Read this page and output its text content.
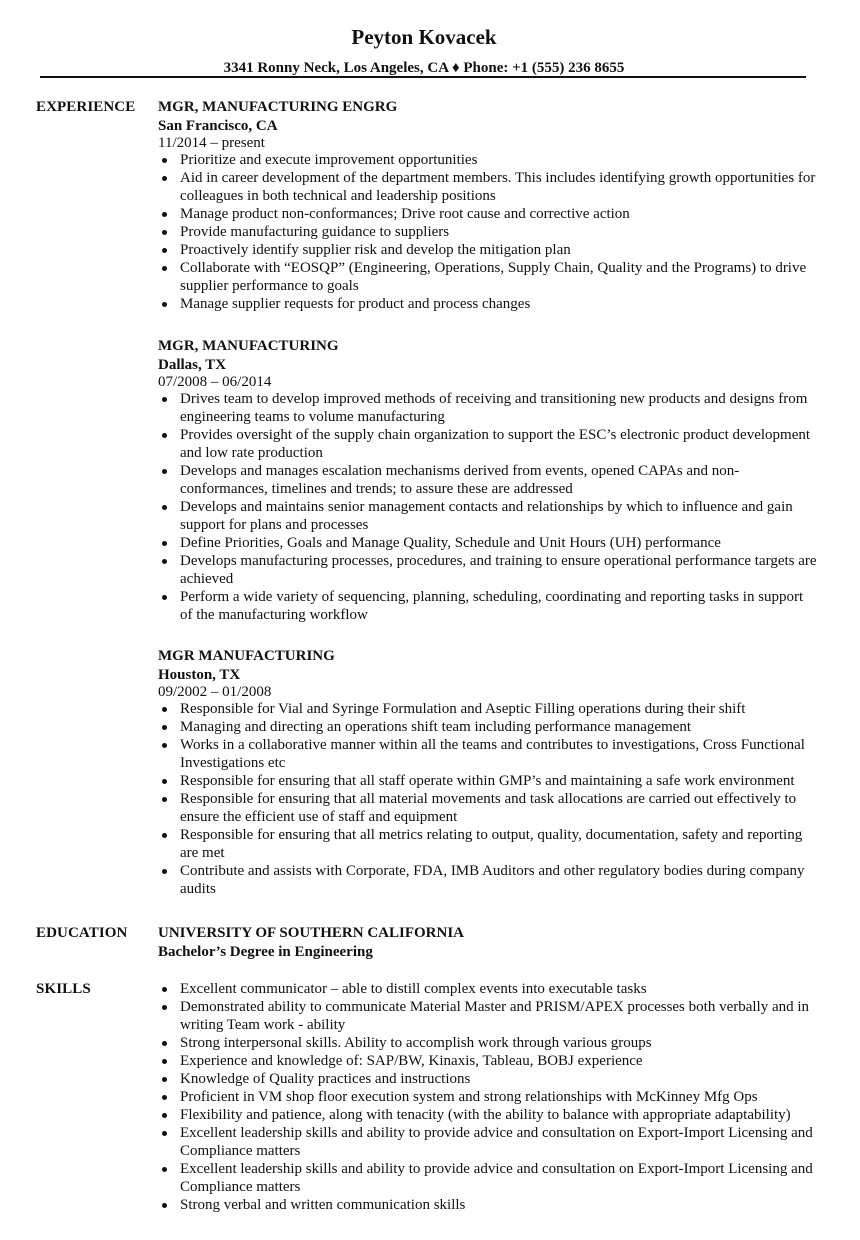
Peyton Kovacek
3341 Ronny Neck, Los Angeles, CA ♦ Phone: +1 (555) 236 8655
EXPERIENCE MGR, MANUFACTURING ENGRG
San Francisco, CA
11/2014 – present
Prioritize and execute improvement opportunities
Aid in career development of the department members. This includes identifying growth opportunities for colleagues in both technical and leadership positions
Manage product non-conformances; Drive root cause and corrective action
Provide manufacturing guidance to suppliers
Proactively identify supplier risk and develop the mitigation plan
Collaborate with “EOSQP” (Engineering, Operations, Supply Chain, Quality and the Programs) to drive supplier performance to goals
Manage supplier requests for product and process changes
MGR, MANUFACTURING
Dallas, TX
07/2008 – 06/2014
Drives team to develop improved methods of receiving and transitioning new products and designs from engineering teams to volume manufacturing
Provides oversight of the supply chain organization to support the ESC’s electronic product development and low rate production
Develops and manages escalation mechanisms derived from events, opened CAPAs and non-conformances, timelines and trends; to assure these are addressed
Develops and maintains senior management contacts and relationships by which to influence and gain support for plans and processes
Define Priorities, Goals and Manage Quality, Schedule and Unit Hours (UH) performance
Develops manufacturing processes, procedures, and training to ensure operational performance targets are achieved
Perform a wide variety of sequencing, planning, scheduling, coordinating and reporting tasks in support of the manufacturing workflow
MGR MANUFACTURING
Houston, TX
09/2002 – 01/2008
Responsible for Vial and Syringe Formulation and Aseptic Filling operations during their shift
Managing and directing an operations shift team including performance management
Works in a collaborative manner within all the teams and contributes to investigations, Cross Functional Investigations etc
Responsible for ensuring that all staff operate within GMP’s and maintaining a safe work environment
Responsible for ensuring that all material movements and task allocations are carried out effectively to ensure the efficient use of staff and equipment
Responsible for ensuring that all metrics relating to output, quality, documentation, safety and reporting are met
Contribute and assists with Corporate, FDA, IMB Auditors and other regulatory bodies during company audits
EDUCATION UNIVERSITY OF SOUTHERN CALIFORNIA
Bachelor’s Degree in Engineering
SKILLS	Excellent communicator – able to distill complex events into executable tasks
Demonstrated ability to communicate Material Master and PRISM/APEX processes both verbally and in writing Team work - ability
Strong interpersonal skills. Ability to accomplish work through various groups
Experience and knowledge of: SAP/BW, Kinaxis, Tableau, BOBJ experience
Knowledge of Quality practices and instructions
Proficient in VM shop floor execution system and strong relationships with McKinney Mfg Ops
Flexibility and patience, along with tenacity (with the ability to balance with appropriate adaptability)
Excellent leadership skills and ability to provide advice and consultation on Export-Import Licensing and Compliance matters
Excellent leadership skills and ability to provide advice and consultation on Export-Import Licensing and Compliance matters
Strong verbal and written communication skills
